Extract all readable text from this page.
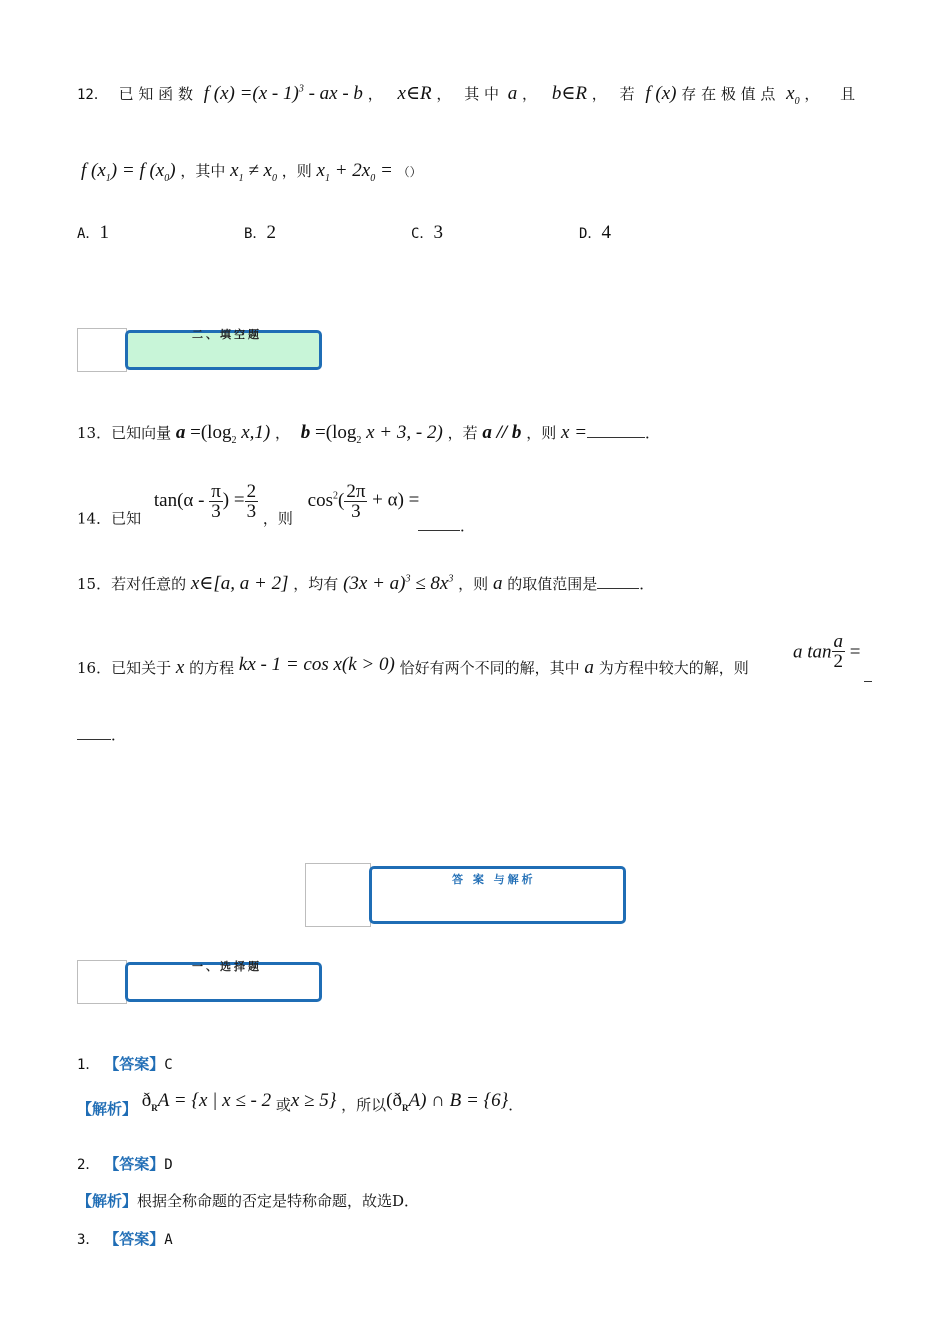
12． 已 知 函 数 f (x) =(x - 1)$^3$ - ax - b ， x∈R ， 其 中 a ， b∈R ， 若 f (x) 存 在 极 值 点 $x_0$ ， 且
f $(x_1) = f$ $(x_0)$ ，其中 $x_1 \ne x_0$ ，则 $x_1 + 2x_0$ = （）
A．1	B．2	C．3	D．4
二、填空题
13．已知向量 $a =(\log_2$ x,1) ， $b =(\log_2$ x + 3, - 2) ，若 a // b ，则 x =	．
14．已知 $\tan(\alpha - \frac{\pi}{3}$ ) = $\frac{2}{3}$ ，则 $\cos^2( \frac{2\pi}{3} + \alpha)$ =
．
15．若对任意的 x∈[a, a + 2] ，均有 $(3x + a)^3 \le 8x^3$ ，则 a 的取值范围是	．
16．已知关于 x 的方程 kx - 1 = cos x(k > 0) 恰好有两个不同的解，其中 a 为方程中较大的解，则
a $\tan \frac{a}{2}$ =
．
答 案 与解析
一、选择题
1． 【答案】C
【解析】 $ð_RA = \{x$ | x ≤ - 2 或x ≥ 5} ，所以$(ð_RA)$ ∩ B = {6}．
2． 【答案】D
【解析】根据全称命题的否定是特称命题，故选D．
3． 【答案】A
